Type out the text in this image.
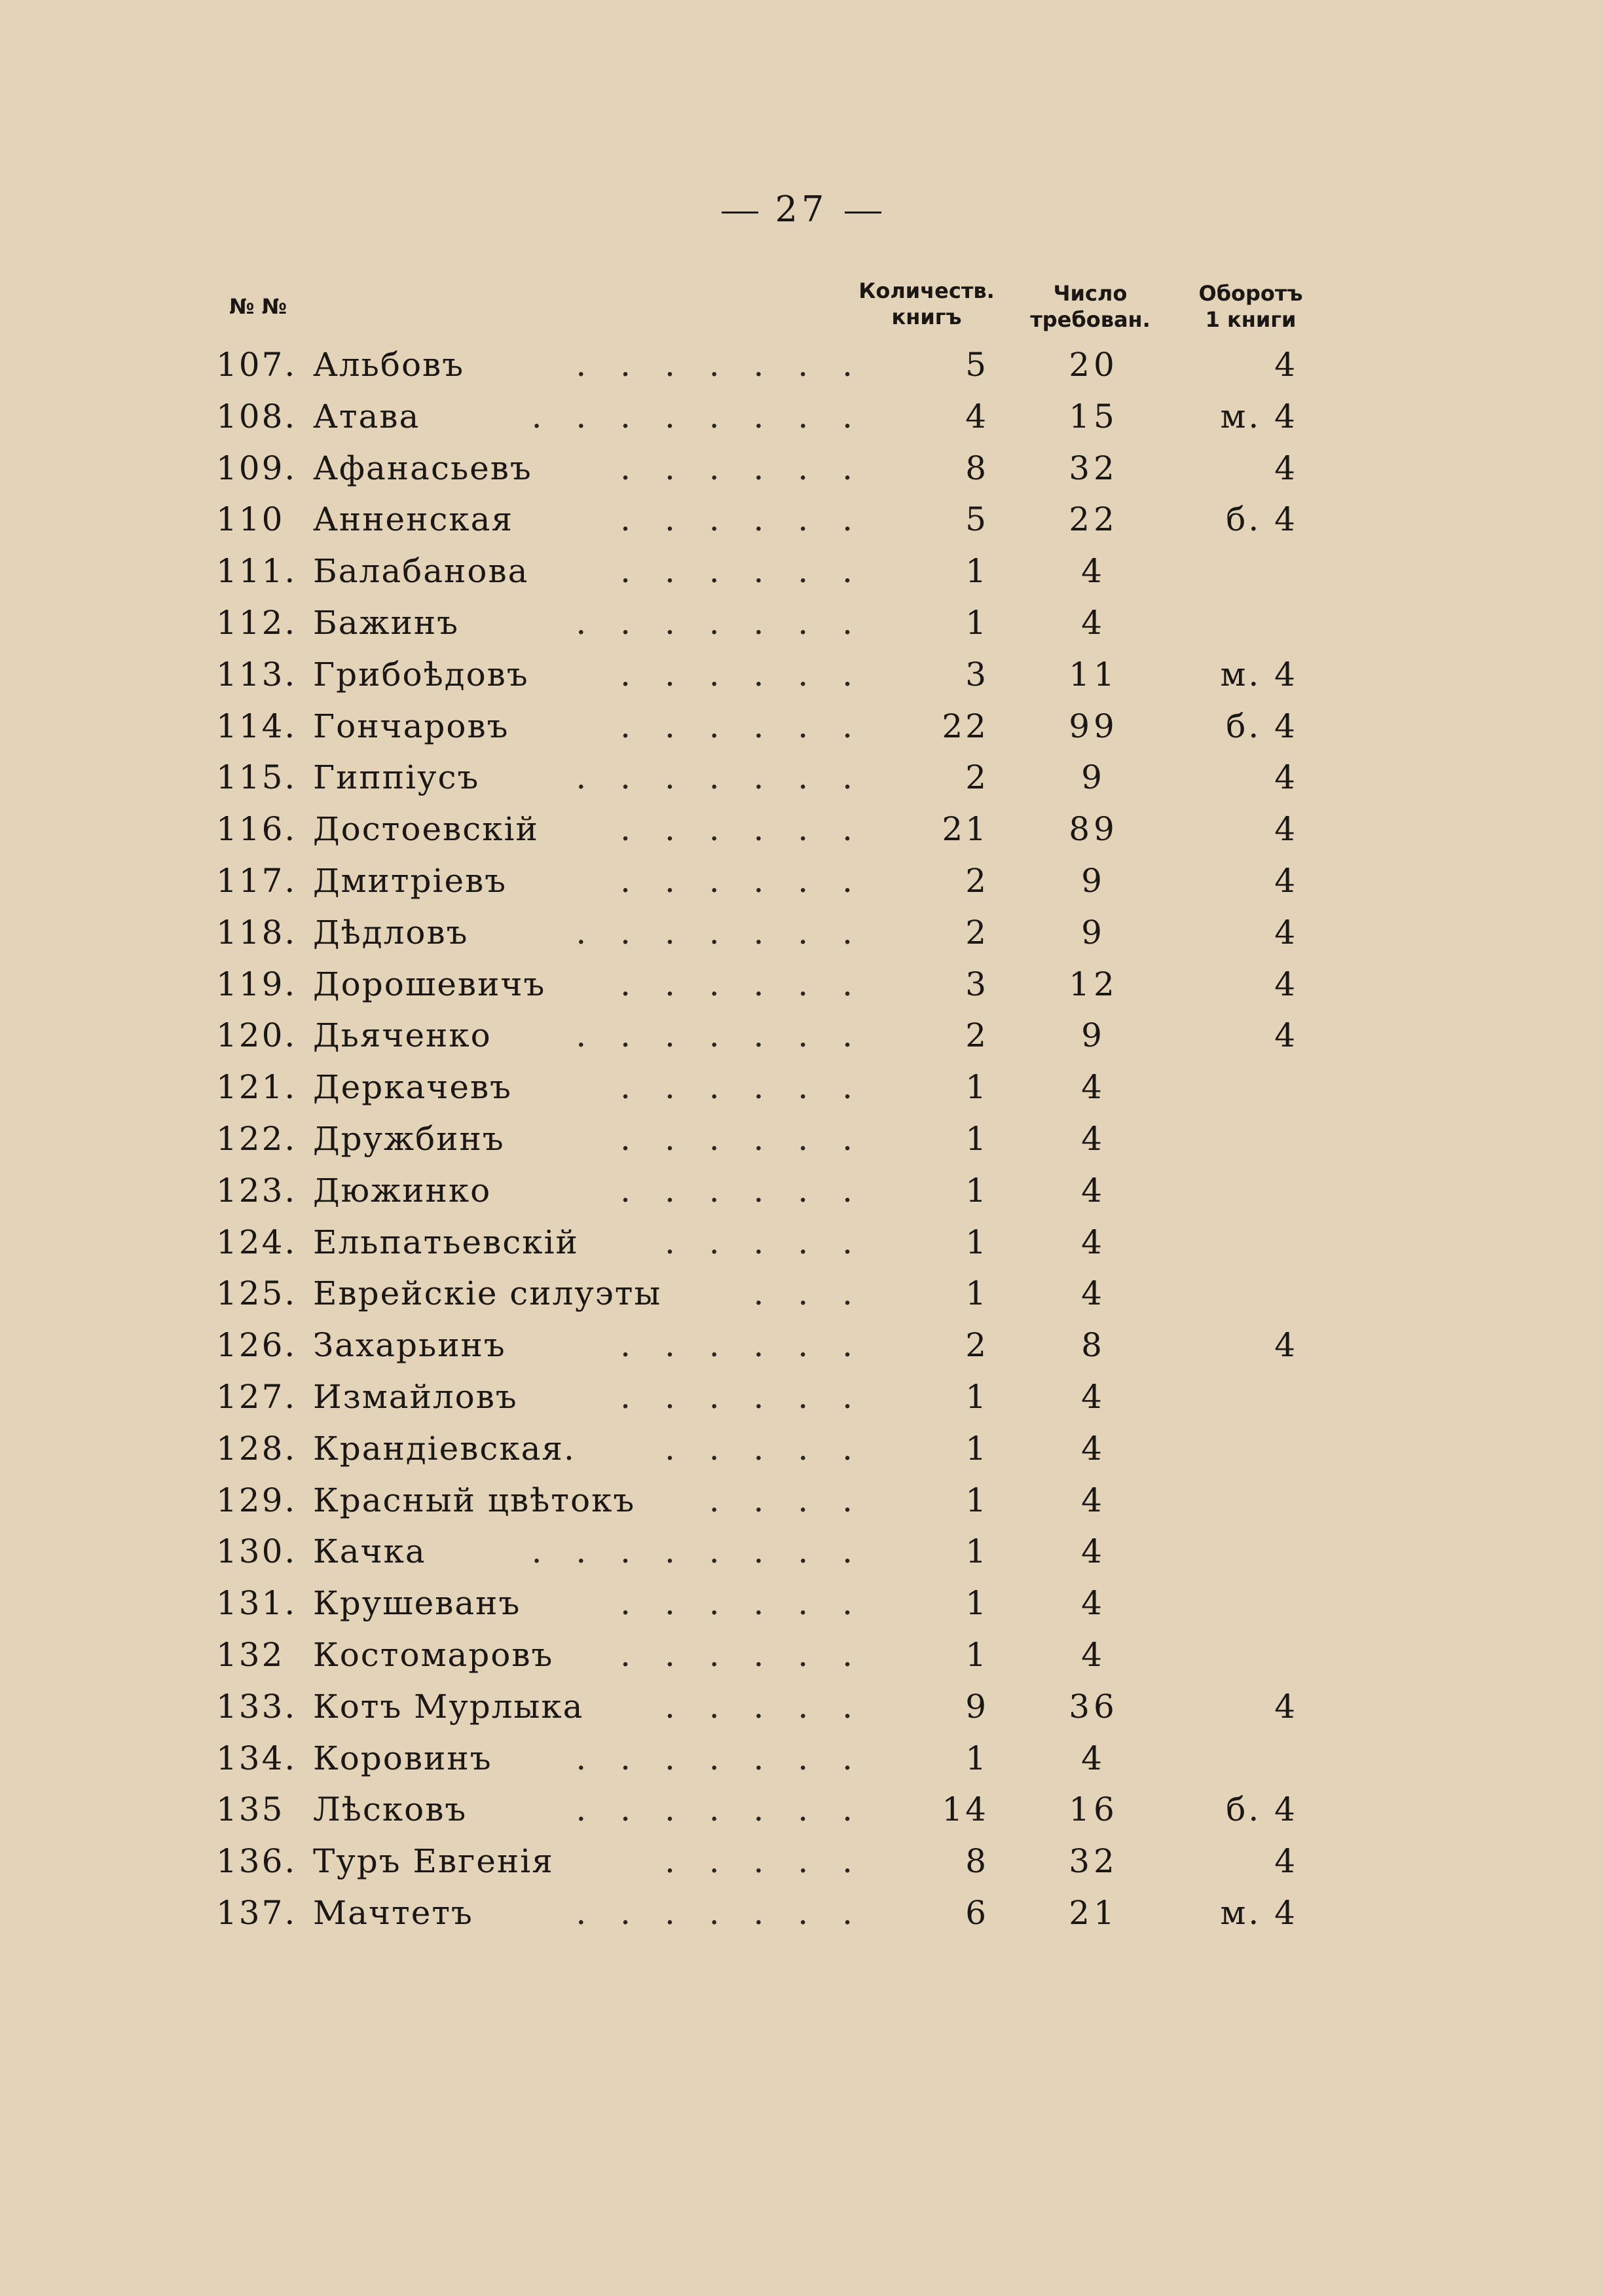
27
№ №
Количеств.
книгъ
Число
требован.
Оборотъ
1 книги
107. Альбовъ	. . . . . . .	5	20	4
108. Атава	. . . . . . . .	4	15	м. 4
109. Афанасьевъ	. . . . . .	8	32	4
110 Анненская	. . . . . .	5	22	б. 4
111. Балабанова	. . . . . .	1	4
112. Бажинъ	. . . . . . .	1	4
113. Грибоѣдовъ	. . . . . .	3	11	м. 4
114. Гончаровъ	. . . . . .	22	99	б. 4
115. Гиппіусъ	. . . . . . .	2	9	4
116. Достоевскій	. . . . . .	21	89	4
117. Дмитріевъ	. . . . . .	2	9	4
118. Дѣдловъ	. . . . . . .	2	9	4
119. Дорошевичъ	. . . . . .	3	12	4
120. Дьяченко	. . . . . . .	2	9	4
121. Деркачевъ	. . . . . .	1	4
122. Дружбинъ	. . . . . .	1	4
123. Дюжинко	. . . . . .	1	4
124. Ельпатьевскій	. . . . .	1	4
125. Еврейскіе силуэты	. . .	1	4
126. Захарьинъ	. . . . . .	2	8	4
127. Измайловъ	. . . . . .	1	4
128. Крандіевская.	. . . . .	1	4
129. Красный цвѣтокъ	. . . .	1	4
130. Качка	. . . . . . . .	1	4
131. Крушеванъ	. . . . . .	1	4
132 Костомаровъ	. . . . . .	1	4
133. Котъ Мурлыка	. . . . .	9	36	4
134. Коровинъ	. . . . . . .	1	4
135 Лѣсковъ	. . . . . . .	14	16	б. 4
136. Туръ Евгенія	. . . . .	8	32	4
137. Мачтетъ	. . . . . . .	6	21	м. 4
